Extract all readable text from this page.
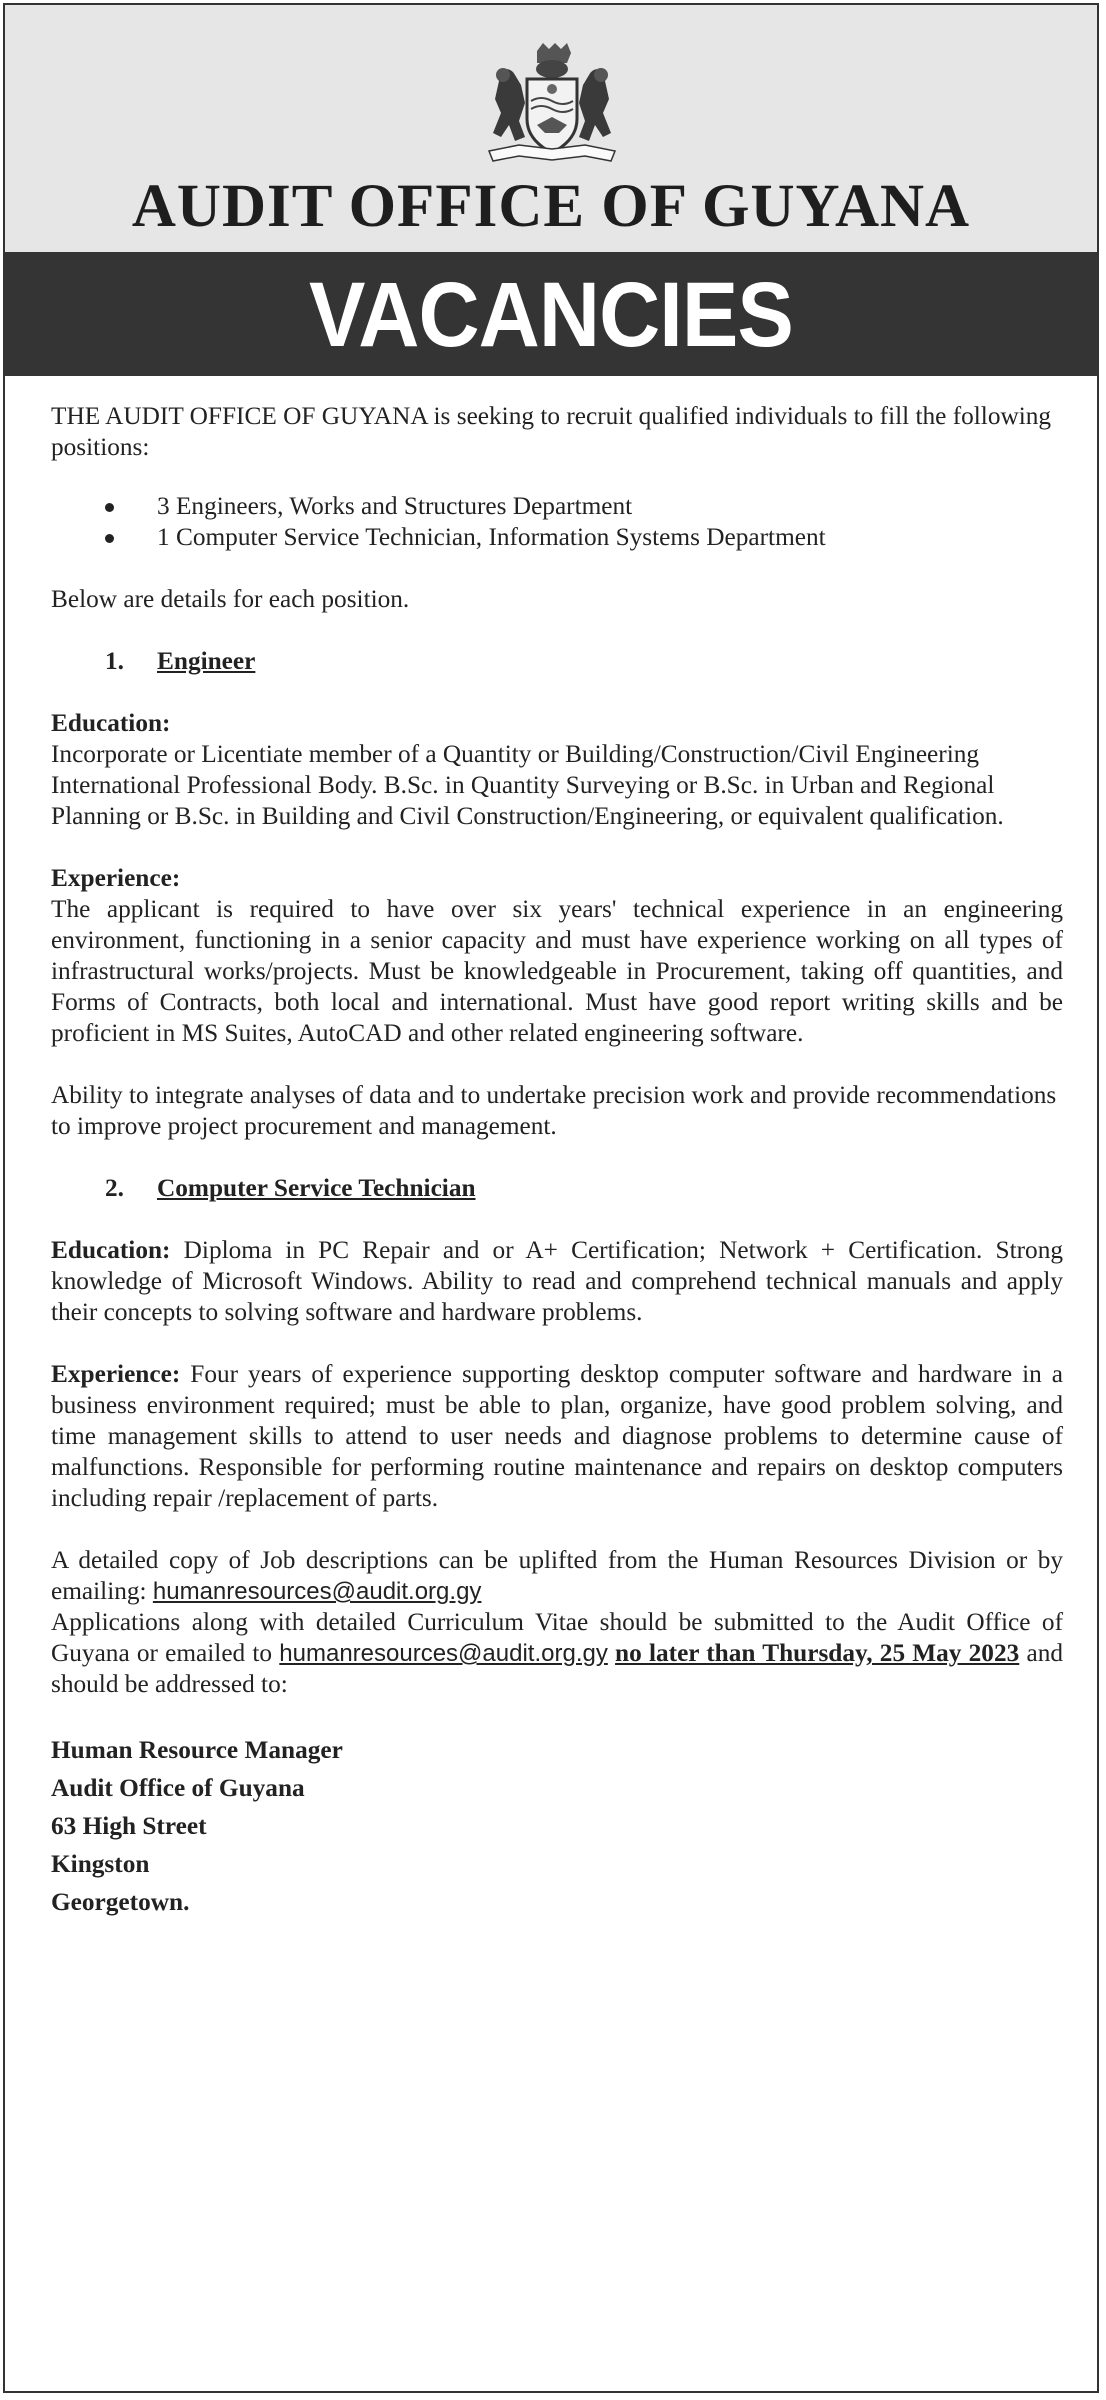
AUDIT OFFICE OF GUYANA
VACANCIES

THE AUDIT OFFICE OF GUYANA is seeking to recruit qualified individuals to fill the following positions:

3 Engineers, Works and Structures Department
1 Computer Service Technician, Information Systems Department

Below are details for each position.

1. Engineer

Education:

Incorporate or Licentiate member of a Quantity or Building/Construction/Civil Engineering International Professional Body. B.Sc. in Quantity Surveying or B.Sc. in Urban and Regional Planning or B.Sc. in Building and Civil Construction/Engineering, or equivalent qualification.

Experience:

The applicant is required to have over six years' technical experience in an engineering environment, functioning in a senior capacity and must have experience working on all types of infrastructural works/projects. Must be knowledgeable in Procurement, taking off quantities, and Forms of Contracts, both local and international. Must have good report writing skills and be proficient in MS Suites, AutoCAD and other related engineering software.

Ability to integrate analyses of data and to undertake precision work and provide recommendations to improve project procurement and management.

2. Computer Service Technician

Education: Diploma in PC Repair and or A+ Certification; Network + Certification. Strong knowledge of Microsoft Windows. Ability to read and comprehend technical manuals and apply their concepts to solving software and hardware problems.

Experience: Four years of experience supporting desktop computer software and hardware in a business environment required; must be able to plan, organize, have good problem solving, and time management skills to attend to user needs and diagnose problems to determine cause of malfunctions. Responsible for performing routine maintenance and repairs on desktop computers including repair /replacement of parts.

A detailed copy of Job descriptions can be uplifted from the Human Resources Division or by emailing: humanresources@audit.org.gy

Applications along with detailed Curriculum Vitae should be submitted to the Audit Office of Guyana or emailed to humanresources@audit.org.gy no later than Thursday, 25 May 2023 and should be addressed to:

Human Resource Manager
Audit Office of Guyana
63 High Street
Kingston
Georgetown.
